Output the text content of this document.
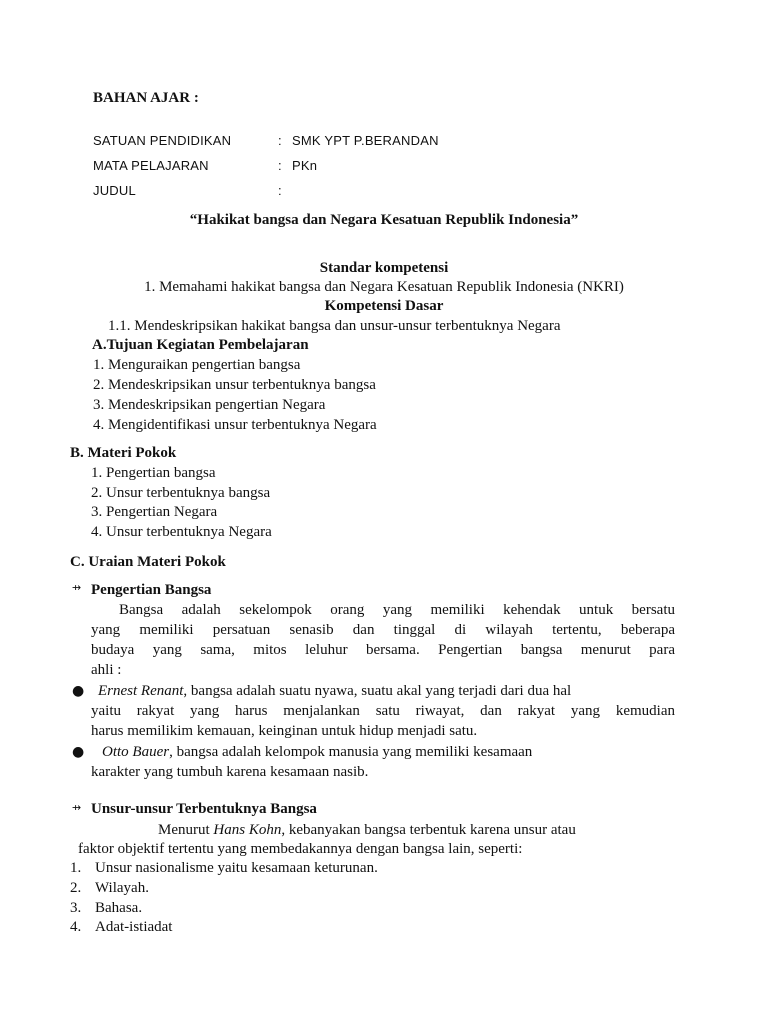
BAHAN AJAR :
SATUAN PENDIDIKAN	: SMK YPT P.BERANDAN
MATA PELAJARAN	: PKn
JUDUL	:
“Hakikat bangsa dan Negara Kesatuan Republik Indonesia”
Standar kompetensi
1. Memahami hakikat bangsa dan Negara Kesatuan Republik Indonesia (NKRI)
Kompetensi Dasar
1.1. Mendeskripsikan hakikat bangsa dan unsur-unsur terbentuknya Negara
A.Tujuan Kegiatan Pembelajaran
1. Menguraikan pengertian bangsa
2. Mendeskripsikan unsur terbentuknya bangsa
3. Mendeskripsikan pengertian Negara
4. Mengidentifikasi unsur terbentuknya Negara
B. Materi Pokok
1. Pengertian bangsa
2. Unsur terbentuknya bangsa
3. Pengertian Negara
4. Unsur terbentuknya Negara
C. Uraian Materi Pokok
⇸ Pengertian Bangsa
Bangsa adalah sekelompok orang yang memiliki kehendak untuk bersatu
yang memiliki persatuan senasib dan tinggal di wilayah tertentu, beberapa
budaya yang sama, mitos leluhur bersama. Pengertian bangsa menurut para
ahli :
● Ernest Renant, bangsa adalah suatu nyawa, suatu akal yang terjadi dari dua hal
yaitu rakyat yang harus menjalankan satu riwayat, dan rakyat yang kemudian
harus memilikim kemauan, keinginan untuk hidup menjadi satu.
● Otto Bauer, bangsa adalah kelompok manusia yang memiliki kesamaan
karakter yang tumbuh karena kesamaan nasib.
⇸ Unsur-unsur Terbentuknya Bangsa
Menurut Hans Kohn, kebanyakan bangsa terbentuk karena unsur atau
faktor objektif tertentu yang membedakannya dengan bangsa lain, seperti:
1. Unsur nasionalisme yaitu kesamaan keturunan.
2. Wilayah.
3. Bahasa.
4. Adat-istiadat
